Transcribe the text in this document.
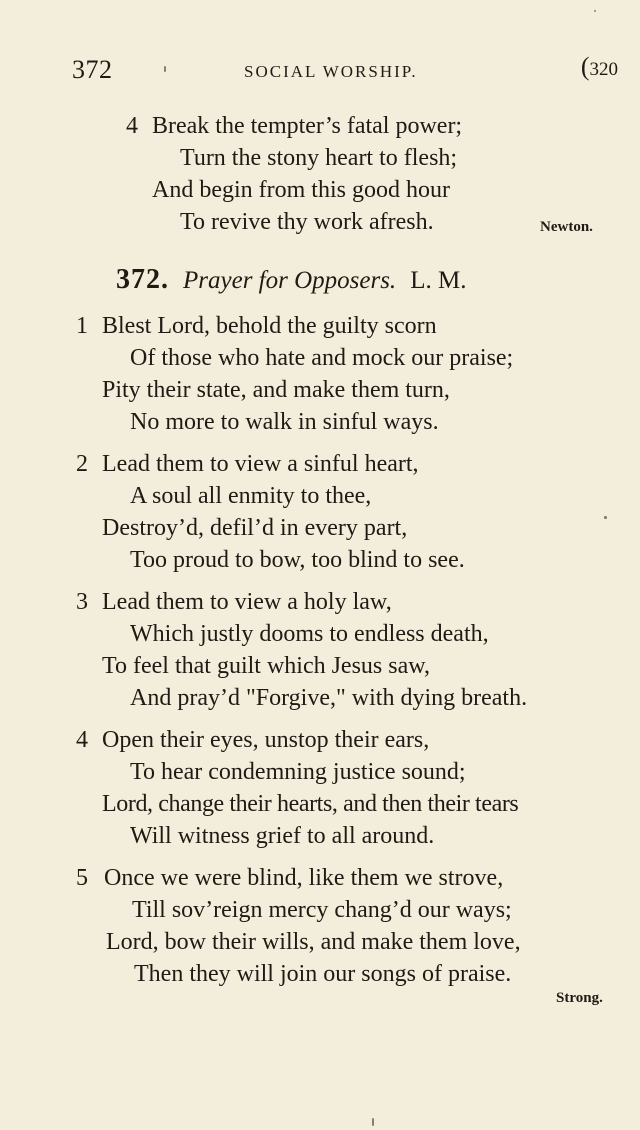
372	SOCIAL WORSHIP.	(320
4 Break the tempter’s fatal power;
Turn the stony heart to flesh;
And begin from this good hour
To revive thy work afresh.	Newton.
372. Prayer for Opposers. L. M.
1 Blest Lord, behold the guilty scorn
Of those who hate and mock our praise;
Pity their state, and make them turn,
No more to walk in sinful ways.
2 Lead them to view a sinful heart,
A soul all enmity to thee,
Destroy’d, defil’d in every part,
Too proud to bow, too blind to see.
3 Lead them to view a holy law,
Which justly dooms to endless death,
To feel that guilt which Jesus saw,
And pray’d "Forgive," with dying breath.
4 Open their eyes, unstop their ears,
To hear condemning justice sound;
Lord, change their hearts, and then their tears
Will witness grief to all around.
5 Once we were blind, like them we strove,
Till sov’reign mercy chang’d our ways;
Lord, bow their wills, and make them love,
Then they will join our songs of praise.
Strong.
